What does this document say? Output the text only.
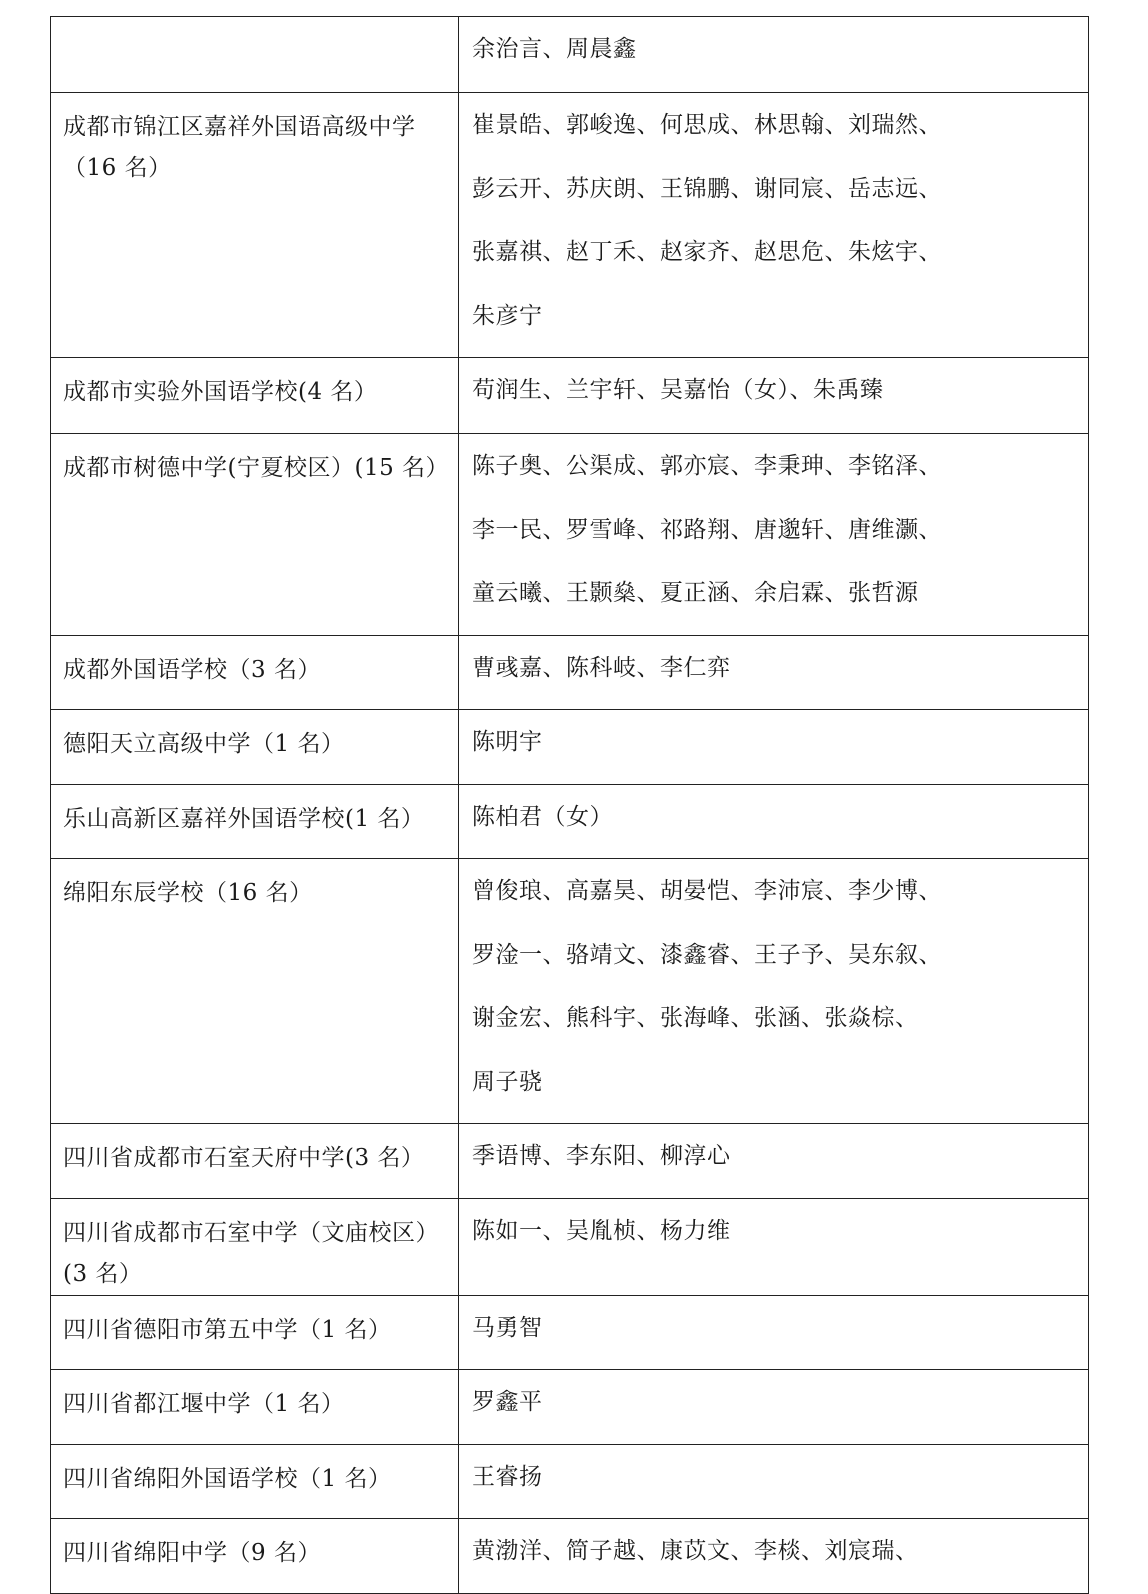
	余治言、周晨鑫

成都市锦江区嘉祥外国语高级中学（16 名）	崔景皓、郭峻逸、何思成、林思翰、刘瑞然、
彭云开、苏庆朗、王锦鹏、谢同宸、岳志远、
张嘉祺、赵丁禾、赵家齐、赵思危、朱炫宇、
朱彦宁

成都市实验外国语学校(4 名）	苟润生、兰宇轩、吴嘉怡（女）、朱禹臻

成都市树德中学(宁夏校区）(15 名）	陈子奥、公渠成、郭亦宸、李秉珅、李铭泽、
李一民、罗雪峰、祁路翔、唐邈轩、唐维灏、
童云曦、王颢燊、夏正涵、余启霖、张哲源

成都外国语学校（3 名）	曹彧嘉、陈科岐、李仁弈

德阳天立高级中学（1 名）	陈明宇

乐山高新区嘉祥外国语学校(1 名）	陈柏君（女）

绵阳东辰学校（16 名）	曾俊琅、高嘉昊、胡晏恺、李沛宸、李少博、
罗淦一、骆靖文、漆鑫睿、王子予、吴东叙、
谢金宏、熊科宇、张海峰、张涵、张焱棕、
周子骁

四川省成都市石室天府中学(3 名）	季语博、李东阳、柳淳心

四川省成都市石室中学（文庙校区）(3 名）	陈如一、吴胤桢、杨力维

四川省德阳市第五中学（1 名）	马勇智

四川省都江堰中学（1 名）	罗鑫平

四川省绵阳外国语学校（1 名）	王睿扬

四川省绵阳中学（9 名）	黄渤洋、简子越、康苡文、李棪、刘宸瑞、
